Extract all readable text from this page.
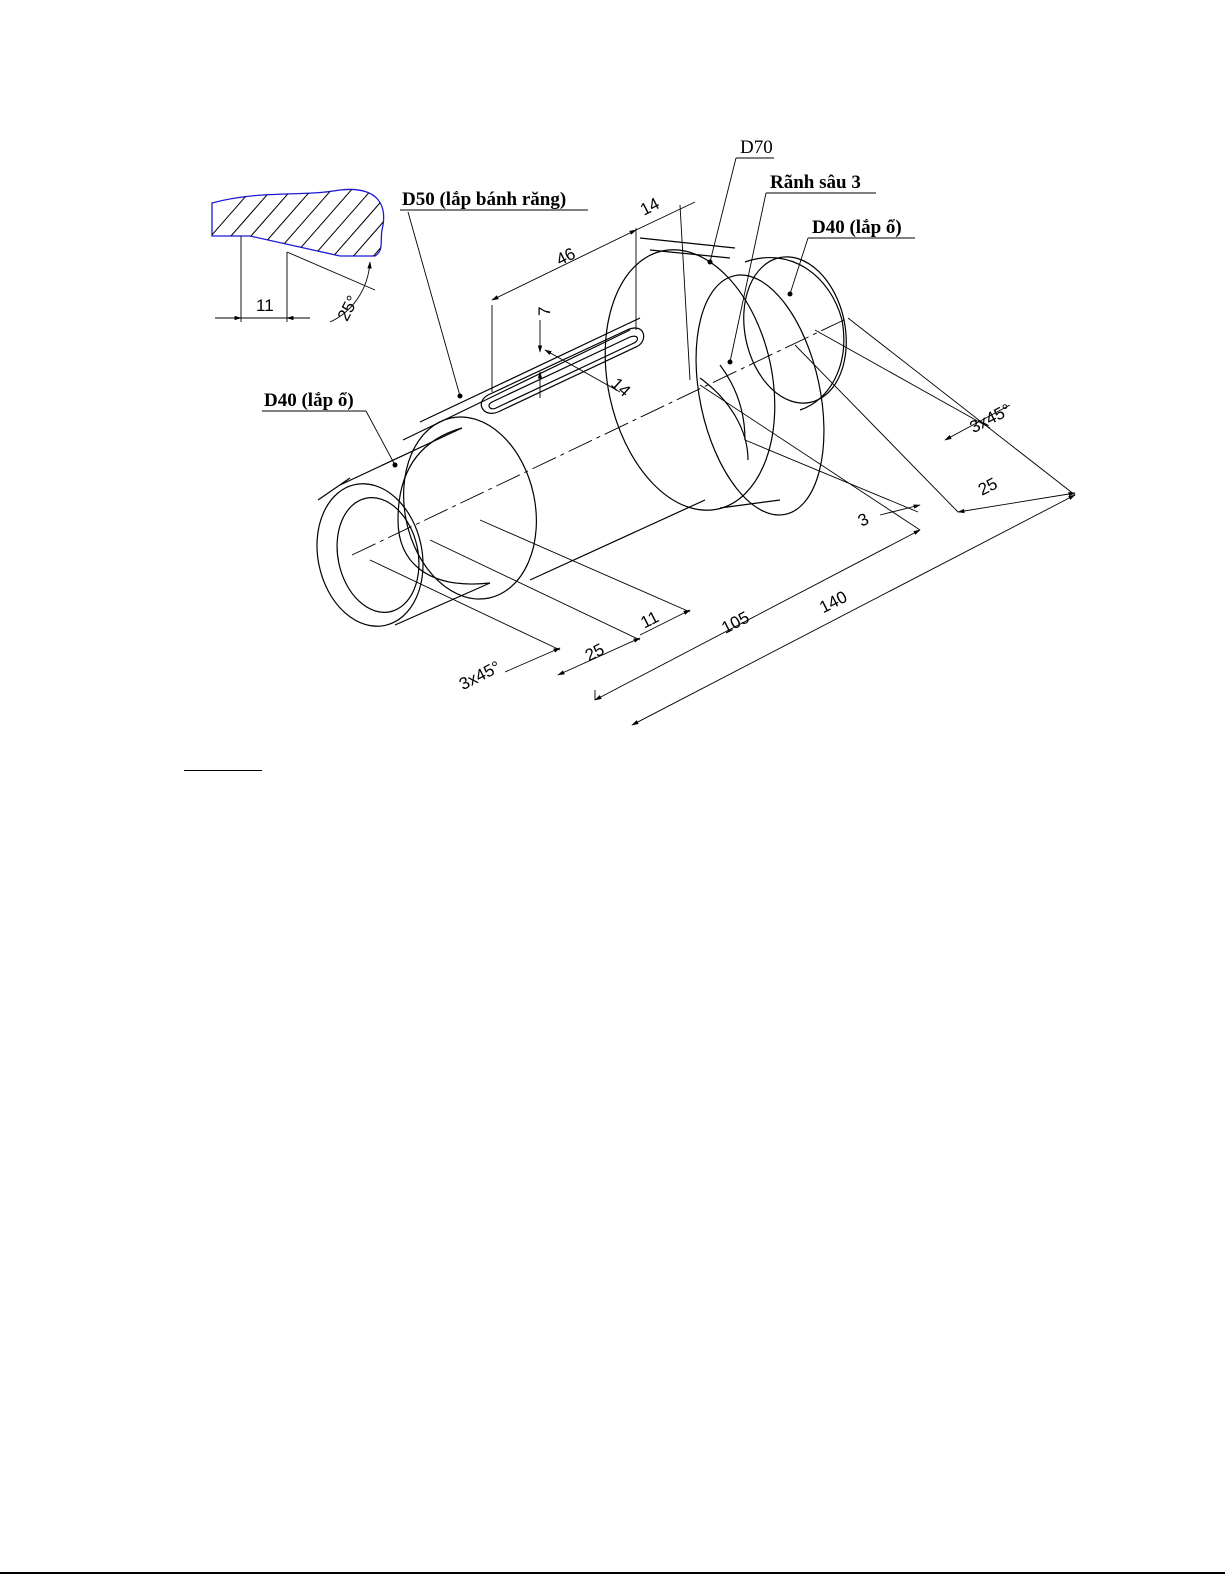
11	25°
46
14
7
14
3x45°
25
3
11	105
140
25
3x45°
D50 (lắp bánh răng)
D40 (lắp ổ)
D70
Rãnh sâu 3
D40 (lắp ổ)
